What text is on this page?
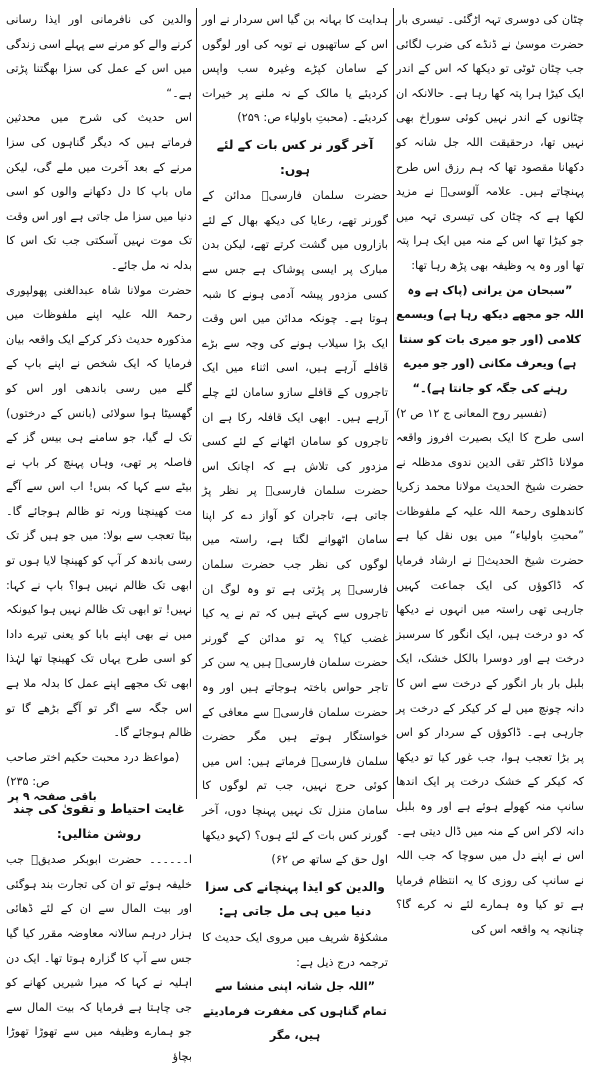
چٹان کی دوسری تہہ اڑگئی۔ تیسری بار حضرت موسیٰ نے ڈنڈے کی ضرب لگائی جب چٹان ٹوٹی تو دیکھا کہ اس کے اندر ایک کیڑا ہرا پتہ کھا رہا ہے۔ حالانکہ ان چٹانوں کے اندر نہیں کوئی سوراخ بھی نہیں تھا، درحقیقت اللہ جل شانہ کو دکھانا مقصود تھا کہ ہم رزق اس طرح پہنچاتے ہیں۔ علامہ آلوسیؒ نے مزید لکھا ہے کہ چٹان کی تیسری تہہ میں جو کیڑا تھا اس کے منہ میں ایک ہرا پتہ تھا اور وہ یہ وظیفہ بھی پڑھ رہا تھا:

”سبحان من یرانی (پاک ہے وہ اللہ جو مجھے دیکھ رہا ہے) ویسمع کلامی (اور جو میری بات کو سنتا ہے) ویعرف مکانی (اور جو میرے رہنے کی جگہ کو جانتا ہے)۔“

(تفسیر روح المعانی ج ۱۲ ص ۲)

اسی طرح کا ایک بصیرت افروز واقعہ مولانا ڈاکٹر تقی الدین ندوی مدظلہ نے حضرت شیخ الحدیث مولانا محمد زکریا کاندھلوی رحمۃ اللہ علیہ کے ملفوظات ”محبتِ باولیاء“ میں یوں نقل کیا ہے حضرت شیخ الحدیثؒ نے ارشاد فرمایا کہ ڈاکوؤں کی ایک جماعت کہیں جارہی تھی راستہ میں انہوں نے دیکھا کہ دو درخت ہیں، ایک انگور کا سرسبز درخت ہے اور دوسرا بالکل خشک، ایک بلبل بار بار انگور کے درخت سے اس کا دانہ چونچ میں لے کر کیکر کے درخت پر جارہی ہے۔ ڈاکوؤں کے سردار کو اس پر بڑا تعجب ہوا، جب غور کیا تو دیکھا کہ کیکر کے خشک درخت پر ایک اندھا سانپ منہ کھولے ہوئے ہے اور وہ بلبل دانہ لاکر اس کے منہ میں ڈال دیتی ہے۔ اس نے اپنے دل میں سوچا کہ جب اللہ نے سانپ کی روزی کا یہ انتظام فرمایا ہے تو کیا وہ ہمارے لئے نہ کرے گا؟ چنانچہ یہ واقعہ اس کی

ہدایت کا بہانہ بن گیا اس سردار نے اور اس کے ساتھیوں نے توبہ کی اور لوگوں کے سامان کپڑے وغیرہ سب واپس کردیئے یا مالک کے نہ ملنے پر خیرات کردیئے۔ (محبتِ باولیاء ص: ۲۵۹)

آخر گور نر کس بات کے لئے ہوں:

حضرت سلمان فارسیؓ مدائن کے گورنر تھے، رعایا کی دیکھ بھال کے لئے بازاروں میں گشت کرتے تھے، لیکن بدن مبارک پر ایسی پوشاک ہے جس سے کسی مزدور پیشہ آدمی ہونے کا شبہ ہوتا ہے۔ چونکہ مدائن میں اس وقت ایک بڑا سیلاب ہونے کی وجہ سے بڑے قافلے آرہے ہیں، اسی اثناء میں ایک تاجروں کے قافلے سازو سامان لئے چلے آرہے ہیں۔ ابھی ایک قافلہ رکا ہے ان تاجروں کو سامان اٹھانے کے لئے کسی مزدور کی تلاش ہے کہ اچانک اس حضرت سلمان فارسیؓ پر نظر پڑ جاتی ہے، تاجران کو آواز دے کر اپنا سامان اٹھوانے لگتا ہے، راستہ میں لوگوں کی نظر جب حضرت سلمان فارسیؓ پر پڑتی ہے تو وہ لوگ ان تاجروں سے کہتے ہیں کہ تم نے یہ کیا غضب کیا؟ یہ تو مدائن کے گورنر حضرت سلمان فارسیؓ ہیں یہ سن کر تاجر حواس باختہ ہوجاتے ہیں اور وہ حضرت سلمان فارسیؓ سے معافی کے خواستگار ہوتے ہیں مگر حضرت سلمان فارسیؓ فرماتے ہیں: اس میں کوئی حرج نہیں، جب تم لوگوں کا سامان منزل تک نہیں پہنچا دوں، آخر گورنر کس بات کے لئے ہوں؟ (کہو دیکھا اول حق کے ساتھ ص ۶۲)

والدین کو ایذا پہنچانے کی سزا دنیا میں ہی مل جاتی ہے:

مشکوٰۃ شریف میں مروی ایک حدیث کا ترجمہ درج ذیل ہے:

”اللہ جل شانہ اپنی منشا سے تمام گناہوں کی مغفرت فرمادیتے ہیں، مگر

والدین کی نافرمانی اور ایذا رسانی کرنے والے کو مرنے سے پہلے اسی زندگی میں اس کے عمل کی سزا بھگتنا پڑتی ہے۔“

اس حدیث کی شرح میں محدثین فرماتے ہیں کہ دیگر گناہوں کی سزا مرنے کے بعد آخرت میں ملے گی، لیکن ماں باپ کا دل دکھانے والوں کو اسی دنیا میں سزا مل جاتی ہے اور اس وقت تک موت نہیں آسکتی جب تک اس کا بدلہ نہ مل جائے۔

حضرت مولانا شاہ عبدالغنی پھولپوری رحمۃ اللہ علیہ اپنے ملفوظات میں مذکورہ حدیث ذکر کرکے ایک واقعہ بیان فرمایا کہ ایک شخص نے اپنے باپ کے گلے میں رسی باندھی اور اس کو گھسیٹا ہوا سولائی (بانس کے درختوں) تک لے گیا، جو سامنے ہی بیس گز کے فاصلہ پر تھی، وہاں پہنچ کر باپ نے بیٹے سے کہا کہ بس! اب اس سے آگے مت کھینچنا ورنہ تو ظالم ہوجائے گا۔ بیٹا تعجب سے بولا: میں جو ہیں گز تک رسی باندھ کر آپ کو کھینچا لایا ہوں تو ابھی تک ظالم نہیں ہوا؟ باپ نے کہا: نہیں! تو ابھی تک ظالم نہیں ہوا کیونکہ میں نے بھی اپنے بابا کو یعنی تیرے دادا کو اسی طرح یہاں تک کھینچا تھا لہٰذا ابھی تک مجھے اپنے عمل کا بدلہ ملا ہے اس جگہ سے اگر تو آگے بڑھے گا تو ظالم ہوجائے گا۔

(مواعظ درد محبت حکیم اختر صاحب ص: ۲۳۵)

غایت احتیاط و تقویٰ کی چند روشن مثالیں:

ا۔۔۔۔۔۔ حضرت ابوبکر صدیقؓ جب خلیفہ ہوئے تو ان کی تجارت بند ہوگئی اور بیت المال سے ان کے لئے ڈھائی ہزار درہم سالانہ معاوضہ مقرر کیا گیا جس سے آپ کا گزارہ ہوتا تھا۔ ایک دن اہلیہ نے کہا کہ میرا شیریں کھانے کو جی چاہتا ہے فرمایا کہ بیت المال سے جو ہمارے وظیفہ میں سے تھوڑا تھوڑا بچاؤ

باقی صفحہ ۹ پر
